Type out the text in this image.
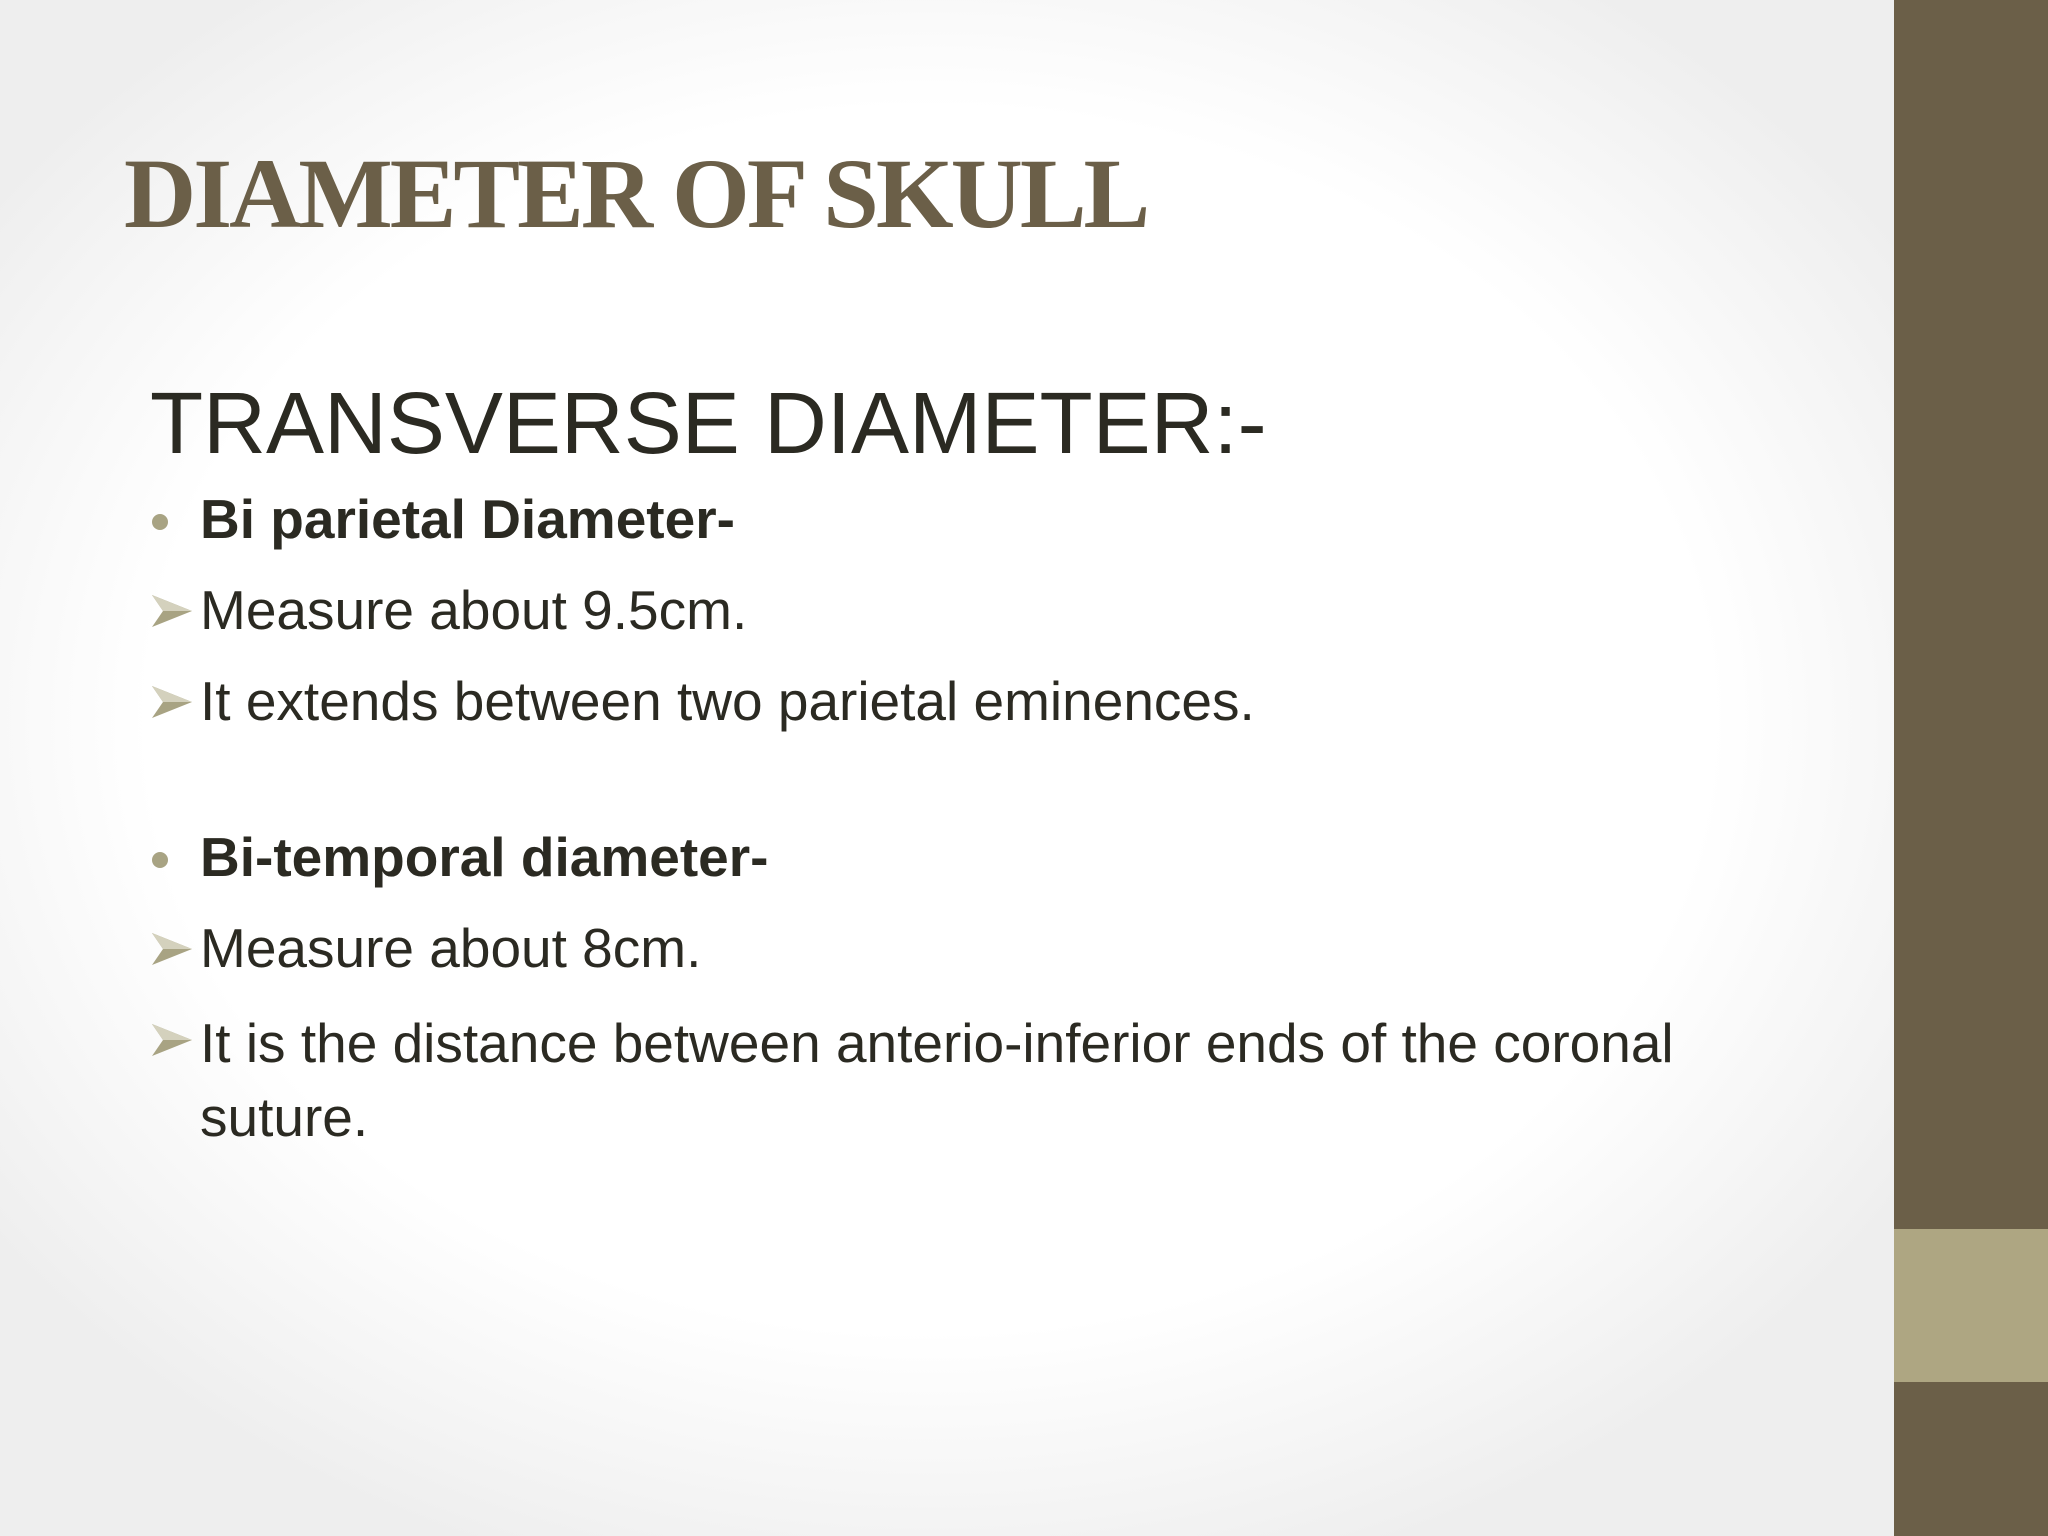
DIAMETER OF SKULL
TRANSVERSE DIAMETER:-
Bi parietal Diameter-
Measure about 9.5cm.
It extends between two parietal eminences.
Bi-temporal diameter-
Measure about 8cm.
It is the distance between anterio-inferior ends of the coronal suture.
